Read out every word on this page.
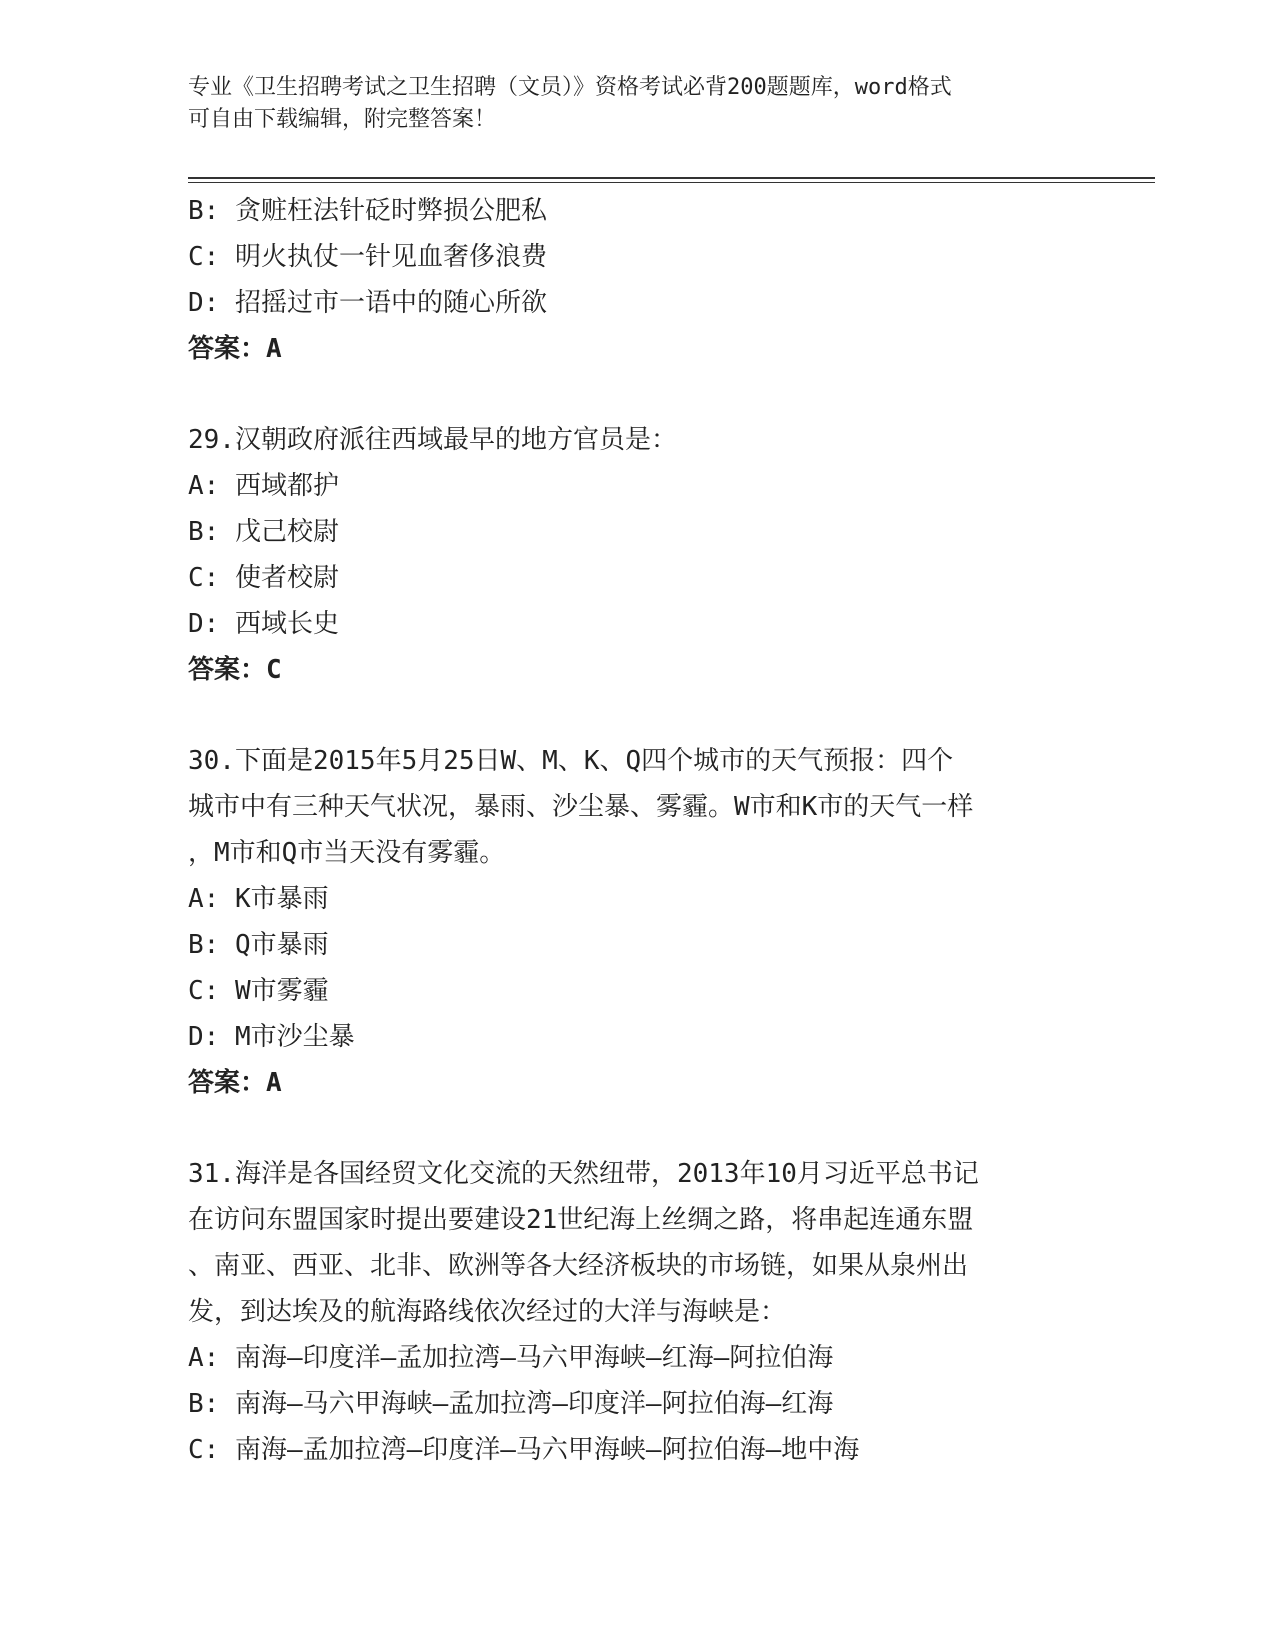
专业《卫生招聘考试之卫生招聘（文员）》资格考试必背200题题库，word格式
可自由下载编辑，附完整答案！
B: 贪赃枉法针砭时弊损公肥私
C: 明火执仗一针见血奢侈浪费
D: 招摇过市一语中的随心所欲
答案：A
29.汉朝政府派往西域最早的地方官员是：
A: 西域都护
B: 戊己校尉
C: 使者校尉
D: 西域长史
答案：C
30.下面是2015年5月25日W、M、K、Q四个城市的天气预报：四个
城市中有三种天气状况，暴雨、沙尘暴、雾霾。W市和K市的天气一样
，M市和Q市当天没有雾霾。
A: K市暴雨
B: Q市暴雨
C: W市雾霾
D: M市沙尘暴
答案：A
31.海洋是各国经贸文化交流的天然纽带，2013年10月习近平总书记
在访问东盟国家时提出要建设21世纪海上丝绸之路，将串起连通东盟
、南亚、西亚、北非、欧洲等各大经济板块的市场链，如果从泉州出
发，到达埃及的航海路线依次经过的大洋与海峡是：
A: 南海—印度洋—孟加拉湾—马六甲海峡—红海—阿拉伯海
B: 南海—马六甲海峡—孟加拉湾—印度洋—阿拉伯海—红海
C: 南海—孟加拉湾—印度洋—马六甲海峡—阿拉伯海—地中海
